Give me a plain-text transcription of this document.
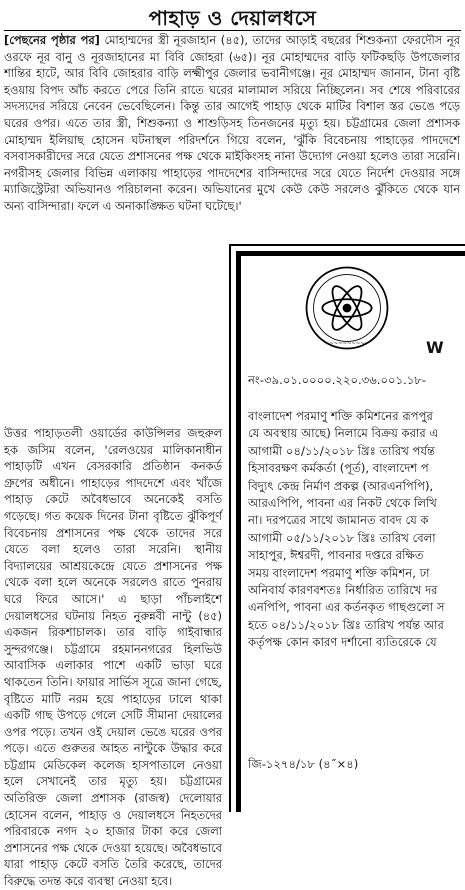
পাহাড় ও দেয়ালধসে

[পেছনের পৃষ্ঠার পর] মোহাম্মদের স্ত্রী নূরজাহান (৪৫), তাদের আড়াই বছরের শিশুকন্যা ফেরদৌস নূর ওরফে নূর বানু ও নূরজাহানের মা বিবি জোহরা (৬৫)। নূর মোহাম্মদের বাড়ি ফটিকছড়ি উপজেলার শান্তির হাটে, আর বিবি জোহরার বাড়ি লক্ষ্মীপুর জেলার ভবানীগঞ্জে। নূর মোহাম্মদ জানান, টানা বৃষ্টি হওয়ায় বিপদ আঁচ করতে পেরে তিনি রাতে ঘরের মালামাল সরিয়ে নিচ্ছিলেন। সব শেষে পরিবারের সদস্যদের সরিয়ে নেবেন ভেবেছিলেন। কিন্তু তার আগেই পাহাড় থেকে মাটির বিশাল স্তর ভেঙে পড়ে ঘরের ওপর। এতে তার স্ত্রী, শিশুকন্যা ও শাশুড়িসহ তিনজনের মৃত্যু হয়। চট্টগ্রামের জেলা প্রশাসক মোহাম্মদ ইলিয়াছ হোসেন ঘটনাস্থল পরিদর্শনে গিয়ে বলেন, 'ঝুঁকি বিবেচনায় পাহাড়ের পাদদেশে বসবাসকারীদের সরে যেতে প্রশাসনের পক্ষ থেকে মাইকিংসহ নানা উদ্যোগ নেওয়া হলেও তারা সরেনি। নগরীসহ জেলার বিভিন্ন এলাকায় পাহাড়ের পাদদেশের বাসিন্দাদের সরে যেতে নির্দেশ দেওয়ার সঙ্গে ম্যাজিস্ট্রেটরা অভিযানও পরিচালনা করেন। অভিযানের মুখে কেউ কেউ সরলেও ঝুঁকিতে থেকে যান অন্য বাসিন্দারা। ফলে এ অনাকাঙ্ক্ষিত ঘটনা ঘটেছে।'

উত্তর পাহাড়তলী ওয়ার্ডের কাউন্সিলর জহুরুল হক জসিম বলেন, 'রেলওয়ের মালিকানাধীন পাহাড়টি এখন বেসরকারি প্রতিষ্ঠান কনকর্ড গ্রুপের অধীনে। পাহাড়ের পাদদেশে এবং খাঁজে পাহাড় কেটে অবৈধভাবে অনেকেই বসতি গড়েছে। গত কয়েক দিনের টানা বৃষ্টিতে ঝুঁকিপূর্ণ বিবেচনায় প্রশাসনের পক্ষ থেকে তাদের সরে যেতে বলা হলেও তারা সরেনি। স্থানীয় বিদ্যালয়ের আশ্রয়কেন্দ্রে যেতে প্রশাসনের পক্ষ থেকে বলা হলে অনেকে সরলেও রাতে পুনরায় ঘরে ফিরে আসে।' এ ছাড়া পাঁচলাইশে দেয়ালধসের ঘটনায় নিহত নুরুন্নবী নান্টু (৪৫) একজন রিকশাচালক। তার বাড়ি গাইবান্ধার সুন্দরগঞ্জে। চট্টগ্রামে রহমাননগরের হিলভিউ আবাসিক এলাকার পাশে একটি ভাড়া ঘরে থাকতেন তিনি। ফায়ার সার্ভিস সূত্রে জানা গেছে, বৃষ্টিতে মাটি নরম হয়ে পাহাড়ের ঢালে থাকা একটি গাছ উপড়ে গেলে সেটি সীমানা দেয়ালের ওপর পড়ে। তখন ওই দেয়াল ভেঙে ঘরের ওপর পড়ে। এতে গুরুতর আহত নান্টুকে উদ্ধার করে চট্টগ্রাম মেডিকেল কলেজ হাসপাতালে নেওয়া হলে সেখানেই তার মৃত্যু হয়। চট্টগ্রামের অতিরিক্ত জেলা প্রশাসক (রাজস্ব) দেলোয়ার হোসেন বলেন, পাহাড় ও দেয়ালধসে নিহতদের পরিবারকে নগদ ২০ হাজার টাকা করে জেলা প্রশাসনের পক্ষ থেকে দেওয়া হয়েছে। অবৈধভাবে যারা পাহাড় কেটে বসতি তৈরি করেছে, তাদের বিরুদ্ধে তদন্ত করে ব্যবস্থা নেওয়া হবে।

~~~~~~~~~~	W
নং-৩৯.০১.০০০০.২২০.৩৬.০০১.১৮-
বাংলাদেশ পরমাণু শক্তি কমিশনের রূপপুর
যে অবস্থায় আছে) নিলামে বিক্রয় করার এ
আগামী ০৪/১১/২০১৮ খ্রিঃ তারিখ পর্যন্ত
হিসাবরক্ষণ কর্মকর্তা (পূর্ত), বাংলাদেশ প
বিদ্যুৎ কেন্দ্র নির্মাণ প্রকল্প (আরএনপিপি),
আরএপিপি, পাবনা এর নিকট থেকে লিখি
না। দরপত্রের সাথে জামানত বাবদ যে ক
আগামী ০৫/১১/২০১৮ খ্রিঃ তারিখ বেলা
সাহাপুর, ঈশ্বরদী, পাবনার দপ্তরে রক্ষিত
সময় বাংলাদেশ পরমাণু শক্তি কমিশন, ঢা
অনিবার্য কারণবশতঃ নির্ধারিত তারিখে দর
এনপিপি, পাবনা এর কর্তনকৃত গাছগুলো স
হতে ০৪/১১/২০১৮ খ্রিঃ তারিখ পর্যন্ত আর
কর্তৃপক্ষ কোন কারণ দর্শানো ব্যতিরেকে যে
জি-১২৭৪/১৮ (৪˝×৪)
